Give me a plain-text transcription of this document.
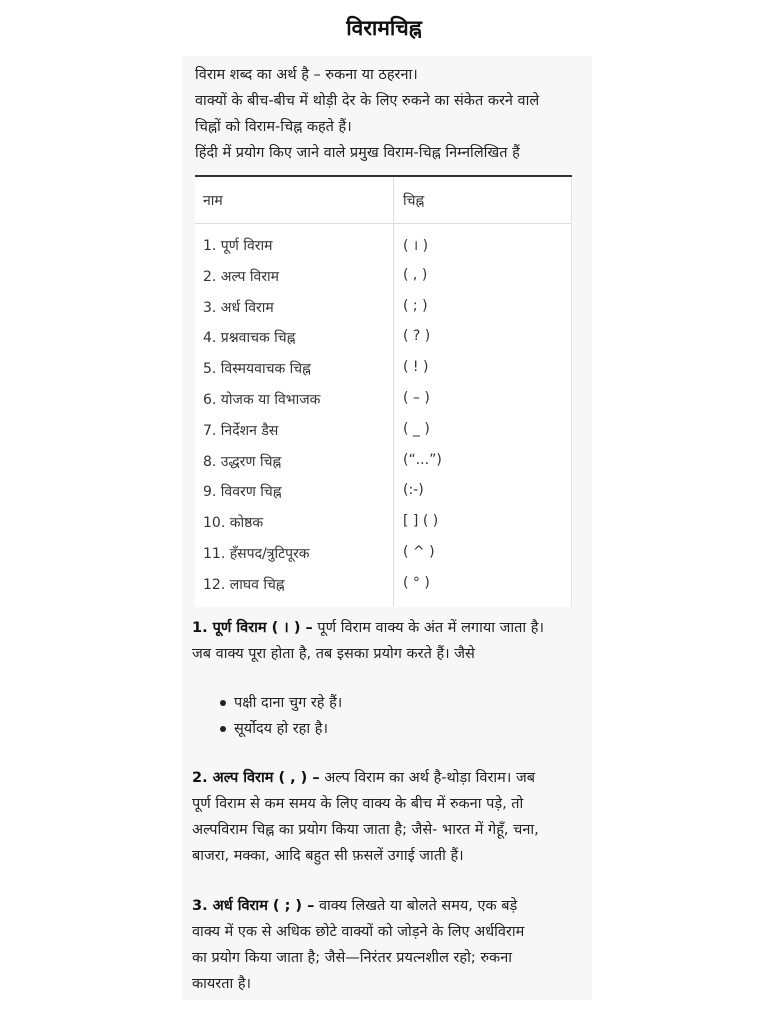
विरामचिह्न

विराम शब्द का अर्थ है – रुकना या ठहरना।

वाक्यों के बीच-बीच में थोड़ी देर के लिए रुकने का संकेत करने वाले

चिह्नों को विराम-चिह्न कहते हैं।

हिंदी में प्रयोग किए जाने वाले प्रमुख विराम-चिह्न निम्नलिखित हैं

नाम	चिह्न
1. पूर्ण विराम	( । )
2. अल्प विराम	( , )
3. अर्ध विराम	( ; )
4. प्रश्नवाचक चिह्न	( ? )
5. विस्मयवाचक चिह्न	( ! )
6. योजक या विभाजक	( – )
7. निर्देशन डैस	( _ )
8. उद्धरण चिह्न	(“...”)
9. विवरण चिह्न	(:-)
10. कोष्ठक	[ ] ( )
11. हँसपद/त्रुटिपूरक	( ^ )
12. लाघव चिह्न	( ° )

1. पूर्ण विराम ( । ) – पूर्ण विराम वाक्य के अंत में लगाया जाता है।

जब वाक्य पूरा होता है, तब इसका प्रयोग करते हैं। जैसे

पक्षी दाना चुग रहे हैं।
सूर्योदय हो रहा है।

2. अल्प विराम ( , ) – अल्प विराम का अर्थ है-थोड़ा विराम। जब

पूर्ण विराम से कम समय के लिए वाक्य के बीच में रुकना पड़े, तो

अल्पविराम चिह्न का प्रयोग किया जाता है; जैसे- भारत में गेहूँ, चना,

बाजरा, मक्का, आदि बहुत सी फ़सलें उगाई जाती हैं।

3. अर्ध विराम ( ; ) – वाक्य लिखते या बोलते समय, एक बड़े

वाक्य में एक से अधिक छोटे वाक्यों को जोड़ने के लिए अर्धविराम

का प्रयोग किया जाता है; जैसे—निरंतर प्रयत्नशील रहो; रुकना

कायरता है।
